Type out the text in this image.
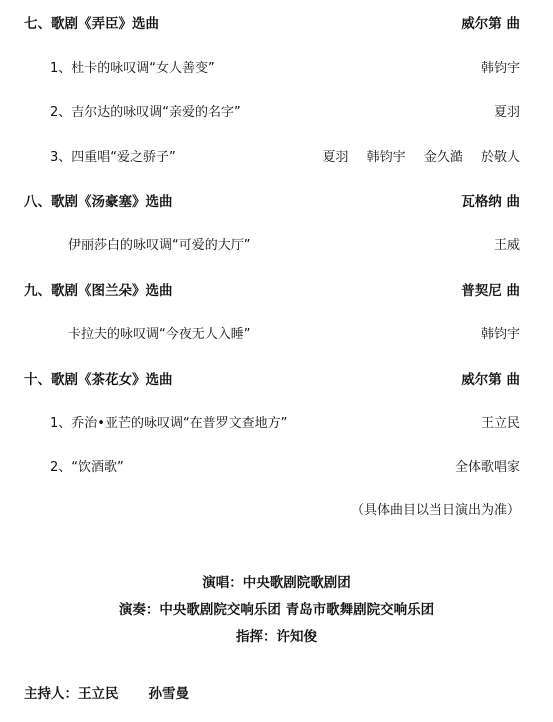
七、歌剧《弄臣》选曲	威尔第 曲
1、杜卡的咏叹调“女人善变”	韩钧宇
2、吉尔达的咏叹调“亲爱的名字”	夏羽
3、四重唱“爱之骄子”	夏羽 韩钧宇 金久澔 於敬人
八、歌剧《汤豪塞》选曲	瓦格纳 曲
伊丽莎白的咏叹调“可爱的大厅”	王威
九、歌剧《图兰朵》选曲	普契尼 曲
卡拉夫的咏叹调“今夜无人入睡”	韩钧宇
十、歌剧《茶花女》选曲	威尔第 曲
1、乔治•亚芒的咏叹调“在普罗文查地方”	王立民
2、“饮酒歌”	全体歌唱家
（具体曲目以当日演出为准）
演唱：中央歌剧院歌剧团
演奏：中央歌剧院交响乐团 青岛市歌舞剧院交响乐团
指挥：许知俊
主持人：王立民 孙雪曼
